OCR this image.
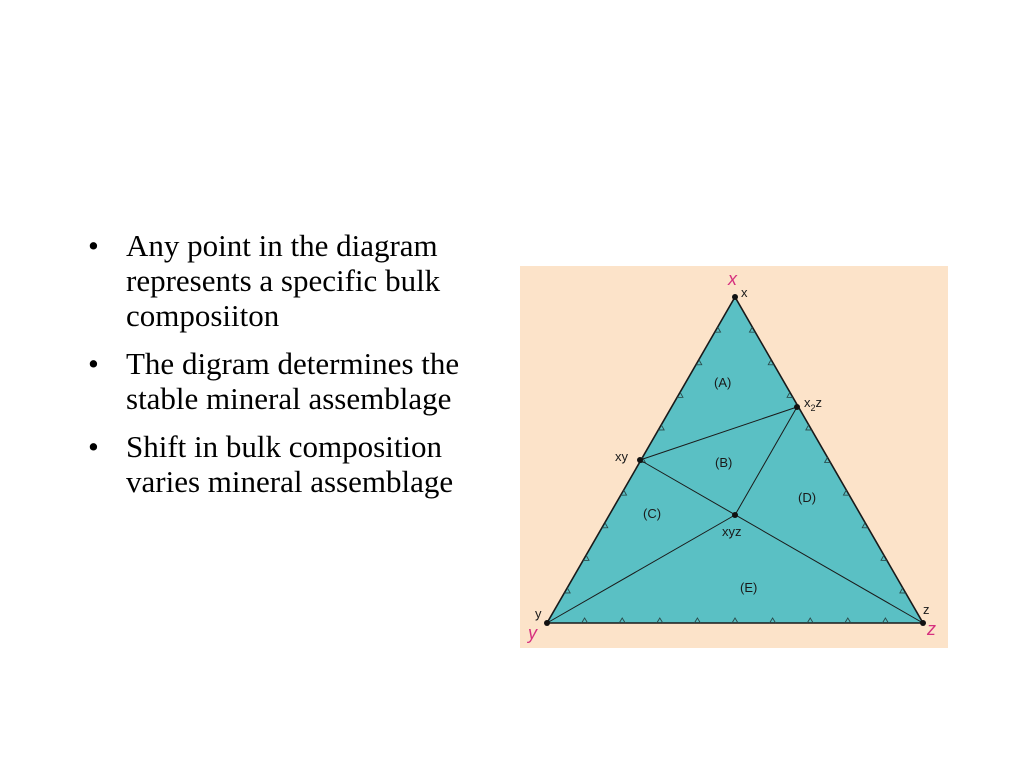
• Any point in the diagram represents a specific bulk composiiton
• The digram determines the stable mineral assemblage
• Shift in bulk composition varies mineral assemblage
x
y	z
x
y	z
xy
xyz
$x_2z$
(A)
(B)
(C)
(D)
(E)
